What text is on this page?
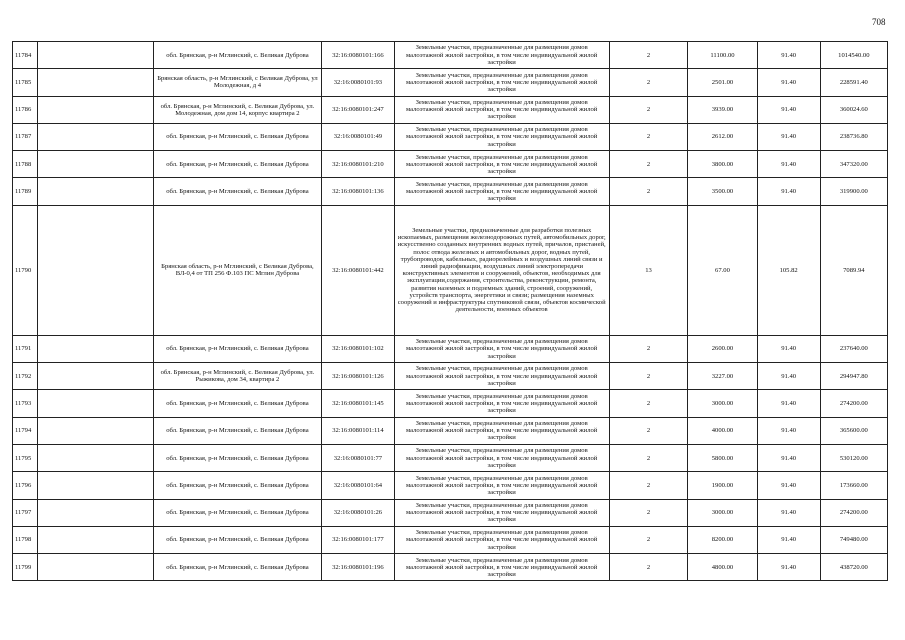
708
11784		обл. Брянская, р-н Мглинский, с. Великая Дуброва	32:16:0080101:166	Земельные участки, предназначенные для размещения домов малоэтажной жилой застройки, в том числе индивидуальной жилой застройки	2	11100.00	91.40	1014540.00
11785		Брянская область, р-н Мглинский, с Великая Дуброва, ул Молодежная, д 4	32:16:0080101:93	Земельные участки, предназначенные для размещения домов малоэтажной жилой застройки, в том числе индивидуальной жилой застройки	2	2501.00	91.40	228591.40
11786		обл. Брянская, р-н Мглинский, с. Великая Дуброва, ул. Молодежная, дом дом 14, корпус квартира 2	32:16:0080101:247	Земельные участки, предназначенные для размещения домов малоэтажной жилой застройки, в том числе индивидуальной жилой застройки	2	3939.00	91.40	360024.60
11787		обл. Брянская, р-н Мглинский, с. Великая Дуброва	32:16:0080101:49	Земельные участки, предназначенные для размещения домов малоэтажной жилой застройки, в том числе индивидуальной жилой застройки	2	2612.00	91.40	238736.80
11788		обл. Брянская, р-н Мглинский, с. Великая Дуброва	32:16:0080101:210	Земельные участки, предназначенные для размещения домов малоэтажной жилой застройки, в том числе индивидуальной жилой застройки	2	3800.00	91.40	347320.00
11789		обл. Брянская, р-н Мглинский, с. Великая Дуброва	32:16:0080101:136	Земельные участки, предназначенные для размещения домов малоэтажной жилой застройки, в том числе индивидуальной жилой застройки	2	3500.00	91.40	319900.00
11790		Брянская область, р-н Мглинский, с Великая Дуброва, ВЛ-0,4 от ТП 256 Ф.103 ПС Мглин Дуброва	32:16:0080101:442	Земельные участки, предназначенные для разработки полезных ископаемых, размещения железнодорожных путей, автомобильных дорог, искусственно созданных внутренних водных путей, причалов, пристаней, полос отвода железных и автомобильных дорог, водных путей, трубопроводов, кабельных, радиорелейных и воздушных линий связи и линий радиофикации, воздушных линий электропередачи конструктивных элементов и сооружений, объектов, необходимых для эксплуатации,содержания, строительства, реконструкции, ремонта, развития наземных и подземных зданий, строений, сооружений, устройств транспорта, энергетики и связи; размещения наземных сооружений и инфраструктуры спутниковой связи, объектов космической деятельности, военных объектов	13	67.00	105.82	7089.94
11791		обл. Брянская, р-н Мглинский, с. Великая Дуброва	32:16:0080101:102	Земельные участки, предназначенные для размещения домов малоэтажной жилой застройки, в том числе индивидуальной жилой застройки	2	2600.00	91.40	237640.00
11792		обл. Брянская, р-н Мглинский, с. Великая Дуброва, ул. Рыжикова, дом 34, квартира 2	32:16:0080101:126	Земельные участки, предназначенные для размещения домов малоэтажной жилой застройки, в том числе индивидуальной жилой застройки	2	3227.00	91.40	294947.80
11793		обл. Брянская, р-н Мглинский, с. Великая Дуброва	32:16:0080101:145	Земельные участки, предназначенные для размещения домов малоэтажной жилой застройки, в том числе индивидуальной жилой застройки	2	3000.00	91.40	274200.00
11794		обл. Брянская, р-н Мглинский, с. Великая Дуброва	32:16:0080101:114	Земельные участки, предназначенные для размещения домов малоэтажной жилой застройки, в том числе индивидуальной жилой застройки	2	4000.00	91.40	365600.00
11795		обл. Брянская, р-н Мглинский, с. Великая Дуброва	32:16:0080101:77	Земельные участки, предназначенные для размещения домов малоэтажной жилой застройки, в том числе индивидуальной жилой застройки	2	5800.00	91.40	530120.00
11796		обл. Брянская, р-н Мглинский, с. Великая Дуброва	32:16:0080101:64	Земельные участки, предназначенные для размещения домов малоэтажной жилой застройки, в том числе индивидуальной жилой застройки	2	1900.00	91.40	173660.00
11797		обл. Брянская, р-н Мглинский, с. Великая Дуброва	32:16:0080101:26	Земельные участки, предназначенные для размещения домов малоэтажной жилой застройки, в том числе индивидуальной жилой застройки	2	3000.00	91.40	274200.00
11798		обл. Брянская, р-н Мглинский, с. Великая Дуброва	32:16:0080101:177	Земельные участки, предназначенные для размещения домов малоэтажной жилой застройки, в том числе индивидуальной жилой застройки	2	8200.00	91.40	749480.00
11799		обл. Брянская, р-н Мглинский, с. Великая Дуброва	32:16:0080101:196	Земельные участки, предназначенные для размещения домов малоэтажной жилой застройки, в том числе индивидуальной жилой застройки	2	4800.00	91.40	438720.00
